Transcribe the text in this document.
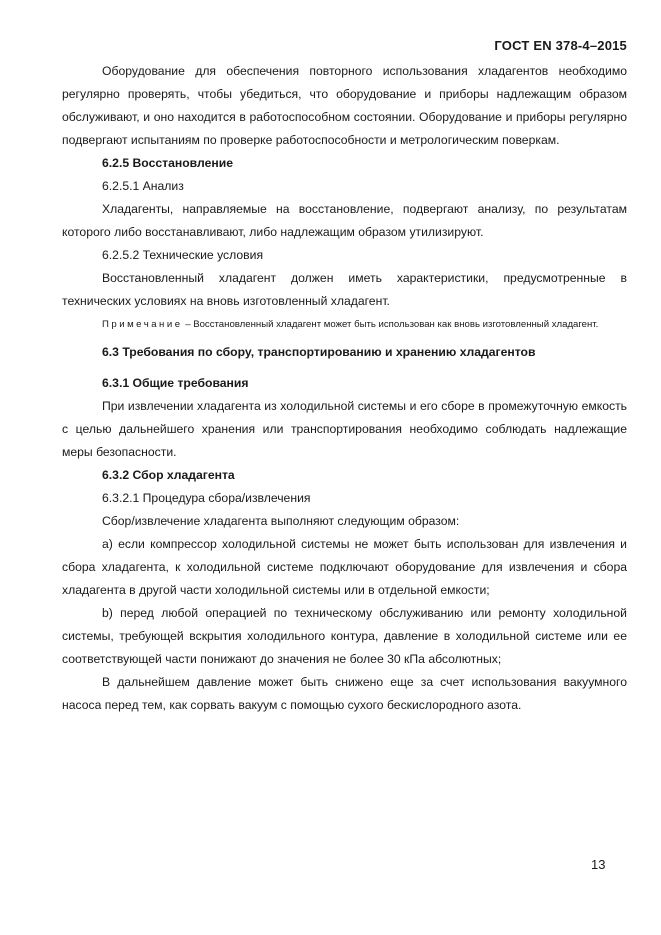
ГОСТ EN 378-4–2015

Оборудование для обеспечения повторного использования хладагентов необходимо регулярно проверять, чтобы убедиться, что оборудование и приборы надлежащим образом обслуживают, и оно находится в работоспособном состоянии. Оборудование и приборы регулярно подвергают испытаниям по проверке работоспособности и метрологическим поверкам.

6.2.5 Восстановление

6.2.5.1 Анализ

Хладагенты, направляемые на восстановление, подвергают анализу, по результатам которого либо восстанавливают, либо надлежащим образом утилизируют.

6.2.5.2 Технические условия

Восстановленный хладагент должен иметь характеристики, предусмотренные в технических условиях на вновь изготовленный хладагент.

Примечание – Восстановленный хладагент может быть использован как вновь изготовленный хладагент.

6.3 Требования по сбору, транспортированию и хранению хладагентов

6.3.1 Общие требования

При извлечении хладагента из холодильной системы и его сборе в промежуточную емкость с целью дальнейшего хранения или транспортирования необходимо соблюдать надлежащие меры безопасности.

6.3.2 Сбор хладагента

6.3.2.1 Процедура сбора/извлечения

Сбор/извлечение хладагента выполняют следующим образом:

a) если компрессор холодильной системы не может быть использован для извлечения и сбора хладагента, к холодильной системе подключают оборудование для извлечения и сбора хладагента в другой части холодильной системы или в отдельной емкости;

b) перед любой операцией по техническому обслуживанию или ремонту холодильной системы, требующей вскрытия холодильного контура, давление в холодильной системе или ее соответствующей части понижают до значения не более 30 кПа абсолютных;

В дальнейшем давление может быть снижено еще за счет использования вакуумного насоса перед тем, как сорвать вакуум с помощью сухого бескислородного азота.

13
